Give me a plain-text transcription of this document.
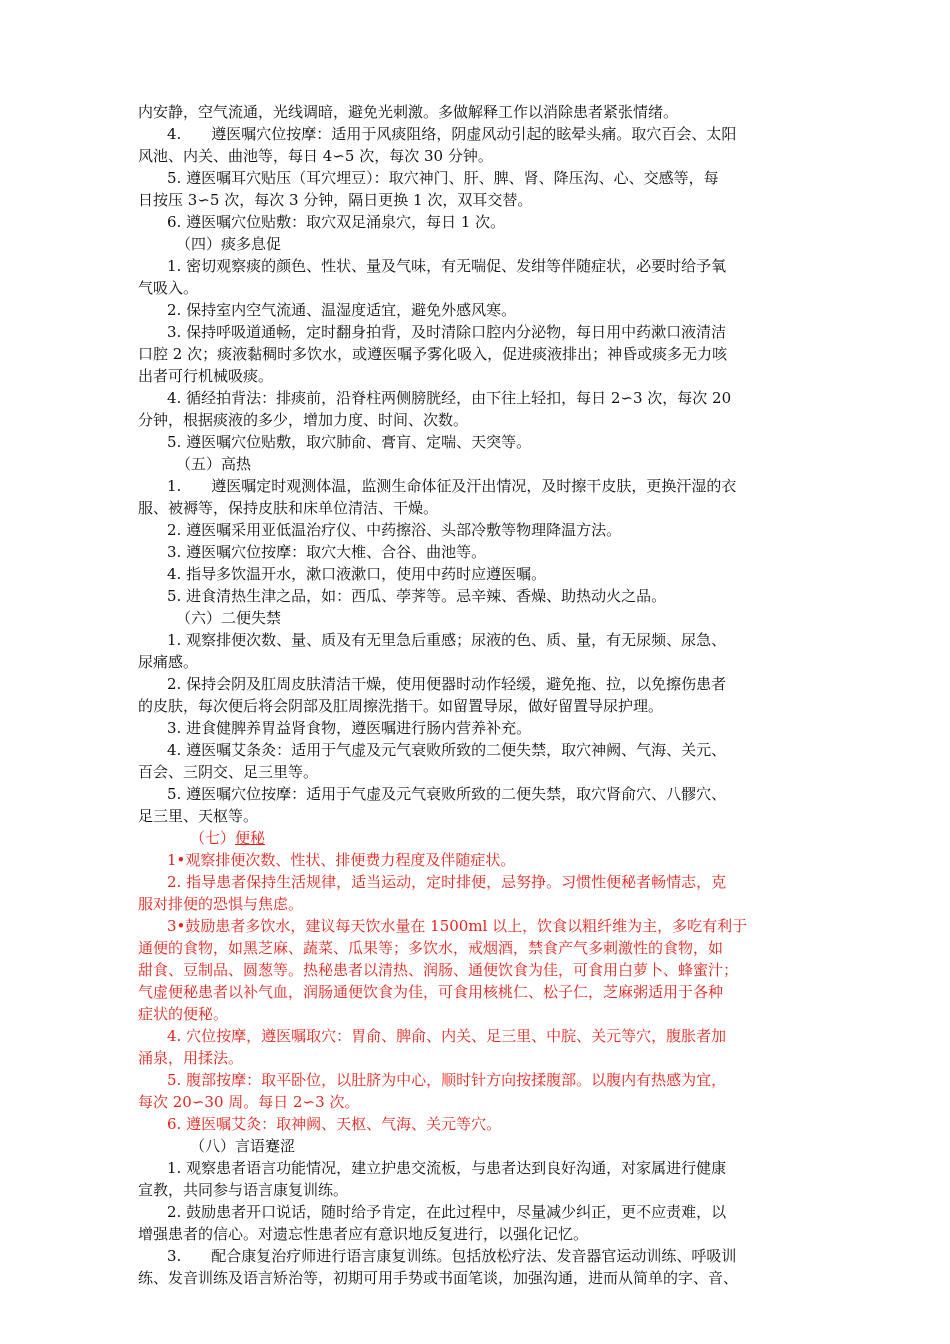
内安静，空气流通，光线调暗，避免光刺激。多做解释工作以消除患者紧张情绪。
4.　　遵医嘱穴位按摩：适用于风痰阻络，阴虚风动引起的眩晕头痛。取穴百会、太阳
风池、内关、曲池等，每日 4∽5 次，每次 30 分钟。
5. 遵医嘱耳穴贴压（耳穴埋豆）：取穴神门、肝、脾、肾、降压沟、心、交感等，每
日按压 3∽5 次，每次 3 分钟，隔日更换 1 次，双耳交替。
6. 遵医嘱穴位贴敷：取穴双足涌泉穴，每日 1 次。
（四）痰多息促
1. 密切观察痰的颜色、性状、量及气味，有无喘促、发绀等伴随症状，必要时给予氧
气吸入。
2. 保持室内空气流通、温湿度适宜，避免外感风寒。
3. 保持呼吸道通畅，定时翻身拍背，及时清除口腔内分泌物，每日用中药漱口液清洁
口腔 2 次；痰液黏稠时多饮水，或遵医嘱予雾化吸入，促进痰液排出；神昏或痰多无力咳
出者可行机械吸痰。
4. 循经拍背法：排痰前，沿脊柱两侧膀胱经，由下往上轻扣，每日 2∽3 次，每次 20
分钟，根据痰液的多少，增加力度、时间、次数。
5. 遵医嘱穴位贴敷，取穴肺俞、膏肓、定喘、天突等。
（五）高热
1.　　遵医嘱定时观测体温，监测生命体征及汗出情况，及时擦干皮肤，更换汗湿的衣
服、被褥等，保持皮肤和床单位清洁、干燥。
2. 遵医嘱采用亚低温治疗仪、中药擦浴、头部冷敷等物理降温方法。
3. 遵医嘱穴位按摩：取穴大椎、合谷、曲池等。
4. 指导多饮温开水，漱口液漱口，使用中药时应遵医嘱。
5. 进食清热生津之品，如：西瓜、荸荠等。忌辛辣、香燥、助热动火之品。
（六）二便失禁
1. 观察排便次数、量、质及有无里急后重感；尿液的色、质、量，有无尿频、尿急、
尿痛感。
2. 保持会阴及肛周皮肤清洁干燥，使用便器时动作轻缓，避免拖、拉，以免擦伤患者
的皮肤，每次便后将会阴部及肛周擦洗揩干。如留置导尿，做好留置导尿护理。
3. 进食健脾养胃益肾食物，遵医嘱进行肠内营养补充。
4. 遵医嘱艾条灸：适用于气虚及元气衰败所致的二便失禁，取穴神阙、气海、关元、
百会、三阴交、足三里等。
5. 遵医嘱穴位按摩：适用于气虚及元气衰败所致的二便失禁，取穴肾俞穴、八髎穴、
足三里、天枢等。
（七）便秘
1•观察排便次数、性状、排便费力程度及伴随症状。
2. 指导患者保持生活规律，适当运动，定时排便，忌努挣。习惯性便秘者畅情志，克
服对排便的恐惧与焦虑。
3•鼓励患者多饮水，建议每天饮水量在 1500ml 以上，饮食以粗纤维为主，多吃有利于
通便的食物，如黑芝麻、蔬菜、瓜果等；多饮水，戒烟酒，禁食产气多刺激性的食物，如
甜食、豆制品、圆葱等。热秘患者以清热、润肠、通便饮食为佳，可食用白萝卜、蜂蜜汁；
气虚便秘患者以补气血，润肠通便饮食为佳，可食用核桃仁、松子仁，芝麻粥适用于各种
症状的便秘。
4. 穴位按摩，遵医嘱取穴：胃俞、脾俞、内关、足三里、中脘、关元等穴，腹胀者加
涌泉，用揉法。
5. 腹部按摩：取平卧位，以肚脐为中心，顺时针方向按揉腹部。以腹内有热感为宜，
每次 20∽30 周。每日 2∽3 次。
6. 遵医嘱艾灸：取神阙、天枢、气海、关元等穴。
（八）言语蹇涩
1. 观察患者语言功能情况，建立护患交流板，与患者达到良好沟通，对家属进行健康
宣教，共同参与语言康复训练。
2. 鼓励患者开口说话，随时给予肯定，在此过程中，尽量减少纠正，更不应责难，以
增强患者的信心。对遗忘性患者应有意识地反复进行，以强化记忆。
3.　　配合康复治疗师进行语言康复训练。包括放松疗法、发音器官运动训练、呼吸训
练、发音训练及语言矫治等，初期可用手势或书面笔谈，加强沟通，进而从简单的字、音、
